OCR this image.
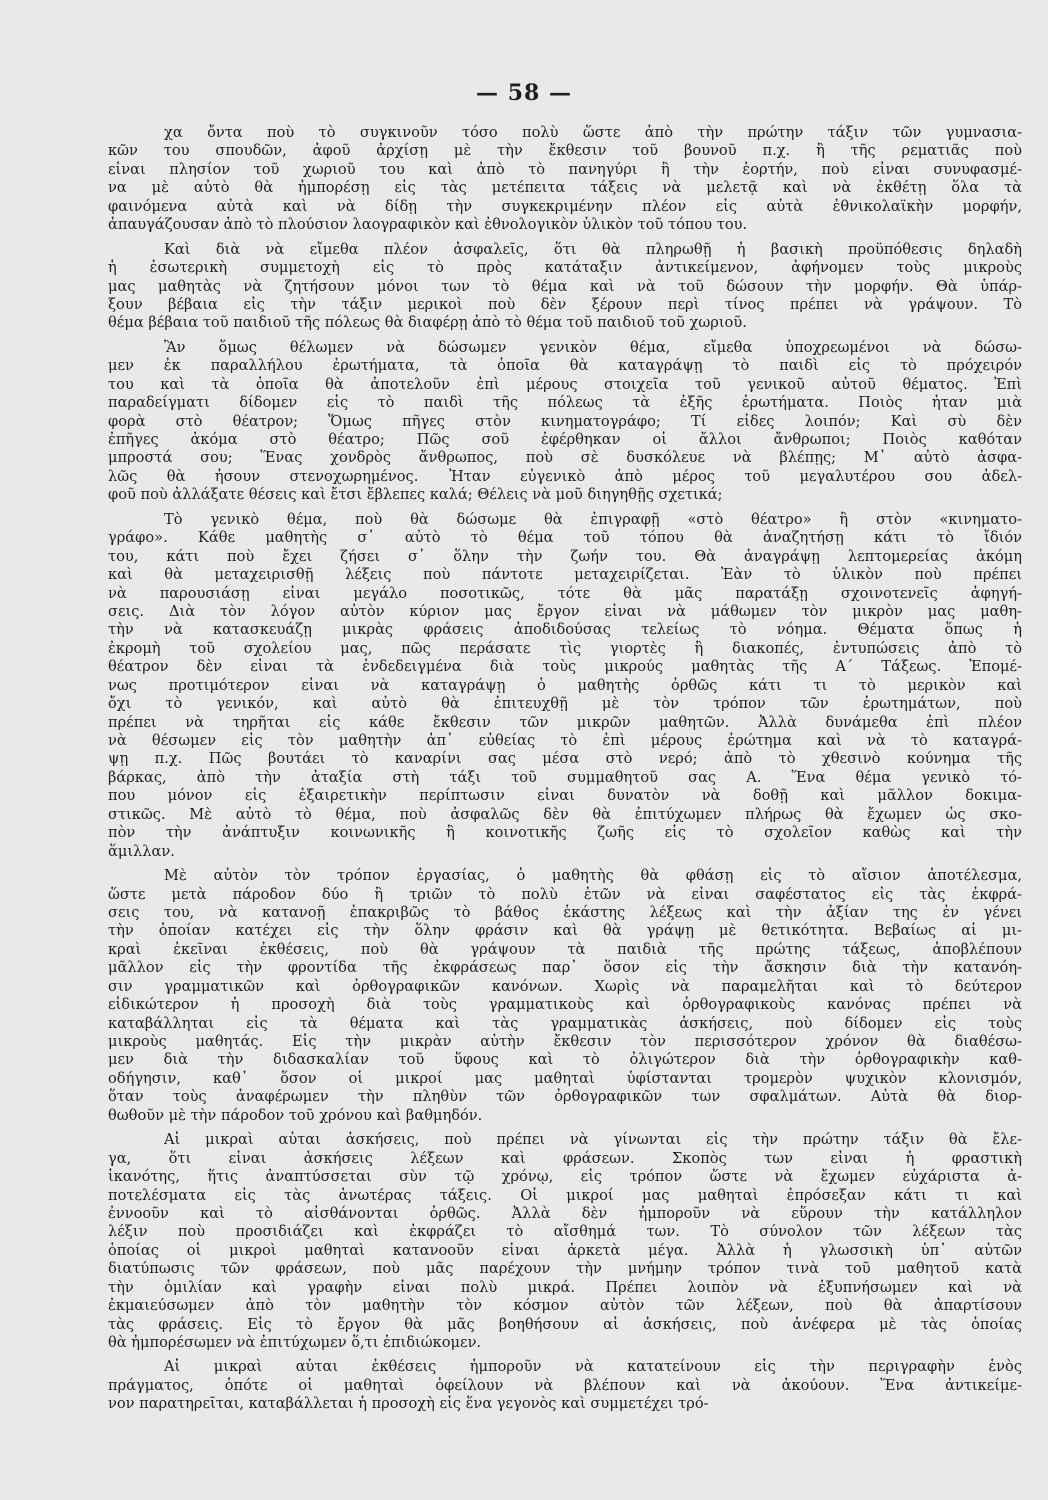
— 58 —
χα ὄντα ποὺ τὸ συγκινοῦν τόσο πολὺ ὥστε ἀπὸ τὴν πρώτην τάξιν τῶν γυμνασια-
κῶν του σπουδῶν, ἀφοῦ ἀρχίσῃ μὲ τὴν ἔκθεσιν τοῦ βουνοῦ π.χ. ἢ τῆς ρεματιᾶς ποὺ
εἶναι πλησίον τοῦ χωριοῦ του καὶ ἀπὸ τὸ πανηγύρι ἢ τὴν ἑορτήν, ποὺ εἶναι συνυφασμέ-
να μὲ αὐτὸ θὰ ἠμπορέσῃ εἰς τὰς μετέπειτα τάξεις νὰ μελετᾷ καὶ νὰ ἐκθέτῃ ὅλα τὰ
φαινόμενα αὐτὰ καὶ νὰ δίδῃ τὴν συγκεκριμένην πλέον εἰς αὐτὰ ἐθνικολαϊκὴν μορφήν,
ἀπαυγάζουσαν ἀπὸ τὸ πλούσιον λαογραφικὸν καὶ ἐθνολογικὸν ὑλικὸν τοῦ τόπου του.
Καὶ διὰ νὰ εἴμεθα πλέον ἀσφαλεῖς, ὅτι θὰ πληρωθῇ ἡ βασικὴ προϋπόθεσις δηλαδὴ
ἡ ἐσωτερικὴ συμμετοχὴ εἰς τὸ πρὸς κατάταξιν ἀντικείμενον, ἀφήνομεν τοὺς μικροὺς
μας μαθητὰς νὰ ζητήσουν μόνοι των τὸ θέμα καὶ νὰ τοῦ δώσουν τὴν μορφήν. Θὰ ὑπάρ-
ξουν βέβαια εἰς τὴν τάξιν μερικοὶ ποὺ δὲν ξέρουν περὶ τίνος πρέπει νὰ γράψουν. Τὸ
θέμα βέβαια τοῦ παιδιοῦ τῆς πόλεως θὰ διαφέρῃ ἀπὸ τὸ θέμα τοῦ παιδιοῦ τοῦ χωριοῦ.
Ἂν ὅμως θέλωμεν νὰ δώσωμεν γενικὸν θέμα, εἴμεθα ὑποχρεωμένοι νὰ δώσω-
μεν ἐκ παραλλήλου ἐρωτήματα, τὰ ὁποῖα θὰ καταγράψῃ τὸ παιδὶ εἰς τὸ πρόχειρόν
του καὶ τὰ ὁποῖα θὰ ἀποτελοῦν ἐπὶ μέρους στοιχεῖα τοῦ γενικοῦ αὐτοῦ θέματος. Ἐπὶ
παραδείγματι δίδομεν εἰς τὸ παιδὶ τῆς πόλεως τὰ ἑξῆς ἐρωτήματα. Ποιὸς ἦταν μιὰ
φορὰ στὸ θέατρον; Ὅμως πῆγες στὸν κινηματογράφο; Τί εἶδες λοιπόν; Καὶ σὺ δὲν
ἐπῆγες ἀκόμα στὸ θέατρο; Πῶς σοῦ ἐφέρθηκαν οἱ ἄλλοι ἄνθρωποι; Ποιὸς καθόταν
μπροστά σου; Ἕνας χονδρὸς ἄνθρωπος, ποὺ σὲ δυσκόλευε νὰ βλέπῃς; Μ᾿ αὐτὸ ἀσφα-
λῶς θὰ ἦσουν στενοχωρημένος. Ἦταν εὐγενικὸ ἀπὸ μέρος τοῦ μεγαλυτέρου σου ἀδελ-
φοῦ ποὺ ἀλλάξατε θέσεις καὶ ἔτσι ἔβλεπες καλά; Θέλεις νὰ μοῦ διηγηθῇς σχετικά;
Τὸ γενικὸ θέμα, ποὺ θὰ δώσωμε θὰ ἐπιγραφῇ «στὸ θέατρο» ἢ στὸν «κινηματο-
γράφο». Κάθε μαθητὴς σ᾿ αὐτὸ τὸ θέμα τοῦ τόπου θὰ ἀναζητήσῃ κάτι τὸ ἴδιόν
του, κάτι ποὺ ἔχει ζήσει σ᾿ ὅλην τὴν ζωήν του. Θὰ ἀναγράψῃ λεπτομερείας ἀκόμη
καὶ θὰ μεταχειρισθῇ λέξεις ποὺ πάντοτε μεταχειρίζεται. Ἐὰν τὸ ὑλικὸν ποὺ πρέπει
νὰ παρουσιάσῃ εἶναι μεγάλο ποσοτικῶς, τότε θὰ μᾶς παρατάξῃ σχοινοτενεῖς ἀφηγή-
σεις. Διὰ τὸν λόγον αὐτὸν κύριον μας ἔργον εἶναι νὰ μάθωμεν τὸν μικρὸν μας μαθη-
τὴν νὰ κατασκευάζῃ μικρὰς φράσεις ἀποδιδούσας τελείως τὸ νόημα. Θέματα ὅπως ἡ
ἐκρομὴ τοῦ σχολείου μας, πῶς περάσατε τὶς γιορτὲς ἢ διακοπές, ἐντυπώσεις ἀπὸ τὸ
θέατρον δὲν εἶναι τὰ ἐνδεδειγμένα διὰ τοὺς μικρούς μαθητὰς τῆς Α΄ Τάξεως. Ἑπομέ-
νως προτιμότερον εἶναι νὰ καταγράψῃ ὁ μαθητὴς ὀρθῶς κάτι τι τὸ μερικὸν καὶ
ὄχι τὸ γενικόν, καὶ αὐτὸ θὰ ἐπιτευχθῇ μὲ τὸν τρόπον τῶν ἐρωτημάτων, ποὺ
πρέπει νὰ τηρῆται εἰς κάθε ἔκθεσιν τῶν μικρῶν μαθητῶν. Ἀλλὰ δυνάμεθα ἐπὶ πλέον
νὰ θέσωμεν εἰς τὸν μαθητὴν ἀπ᾿ εὐθείας τὸ ἐπὶ μέρους ἐρώτημα καὶ νὰ τὸ καταγρά-
ψῃ π.χ. Πῶς βουτάει τὸ καναρίνι σας μέσα στὸ νερό; ἀπὸ τὸ χθεσινὸ κούνημα τῆς
βάρκας, ἀπὸ τὴν ἀταξία στὴ τάξι τοῦ συμμαθητοῦ σας Α. Ἕνα θέμα γενικὸ τό-
που μόνον εἰς ἐξαιρετικὴν περίπτωσιν εἶναι δυνατὸν νὰ δοθῇ καὶ μᾶλλον δοκιμα-
στικῶς. Μὲ αὐτὸ τὸ θέμα, ποὺ ἀσφαλῶς δὲν θὰ ἐπιτύχωμεν πλήρως θὰ ἔχωμεν ὡς σκο-
πὸν τὴν ἀνάπτυξιν κοινωνικῆς ἢ κοινοτικῆς ζωῆς εἰς τὸ σχολεῖον καθὼς καὶ τὴν
ἅμιλλαν.
Μὲ αὐτὸν τὸν τρόπον ἐργασίας, ὁ μαθητὴς θὰ φθάσῃ εἰς τὸ αἴσιον ἀποτέλεσμα,
ὥστε μετὰ πάροδον δύο ἢ τριῶν τὸ πολὺ ἐτῶν νὰ εἶναι σαφέστατος εἰς τὰς ἐκφρά-
σεις του, νὰ κατανοῇ ἐπακριβῶς τὸ βάθος ἑκάστης λέξεως καὶ τὴν ἀξίαν της ἐν γένει
τὴν ὁποίαν κατέχει εἰς τὴν ὅλην φράσιν καὶ θὰ γράψῃ μὲ θετικότητα. Βεβαίως αἱ μι-
κραὶ ἐκεῖναι ἐκθέσεις, ποὺ θὰ γράψουν τὰ παιδιὰ τῆς πρώτης τάξεως, ἀποβλέπουν
μᾶλλον εἰς τὴν φροντίδα τῆς ἐκφράσεως παρ᾿ ὅσον εἰς τὴν ἄσκησιν διὰ τὴν κατανόη-
σιν γραμματικῶν καὶ ὀρθογραφικῶν κανόνων. Χωρὶς νὰ παραμελῆται καὶ τὸ δεύτερον
εἰδικώτερον ἡ προσοχὴ διὰ τοὺς γραμματικοὺς καὶ ὀρθογραφικοὺς κανόνας πρέπει νὰ
καταβάλληται εἰς τὰ θέματα καὶ τὰς γραμματικὰς ἀσκήσεις, ποὺ δίδομεν εἰς τοὺς
μικροὺς μαθητάς. Εἰς τὴν μικρὰν αὐτὴν ἔκθεσιν τὸν περισσότερον χρόνον θὰ διαθέσω-
μεν διὰ τὴν διδασκαλίαν τοῦ ὕφους καὶ τὸ ὀλιγώτερον διὰ τὴν ὀρθογραφικὴν καθ-
οδήγησιν, καθ᾿ ὅσον οἱ μικροί μας μαθηταὶ ὑφίστανται τρομερὸν ψυχικὸν κλονισμόν,
ὅταν τοὺς ἀναφέρωμεν τὴν πληθὺν τῶν ὀρθογραφικῶν των σφαλμάτων. Αὐτὰ θὰ διορ-
θωθοῦν μὲ τὴν πάροδον τοῦ χρόνου καὶ βαθμηδόν.
Αἱ μικραὶ αὗται ἀσκήσεις, ποὺ πρέπει νὰ γίνωνται εἰς τὴν πρώτην τάξιν θὰ ἔλε-
γα, ὅτι εἶναι ἀσκήσεις λέξεων καὶ φράσεων. Σκοπὸς των εἶναι ἡ φραστικὴ
ἱκανότης, ἥτις ἀναπτύσσεται σὺν τῷ χρόνῳ, εἰς τρόπον ὥστε νὰ ἔχωμεν εὐχάριστα ἀ-
ποτελέσματα εἰς τὰς ἀνωτέρας τάξεις. Οἱ μικροί μας μαθηταὶ ἐπρόσεξαν κάτι τι καὶ
ἐννοοῦν καὶ τὸ αἰσθάνονται ὀρθῶς. Ἀλλὰ δὲν ἠμποροῦν νὰ εὕρουν τὴν κατάλληλον
λέξιν ποὺ προσιδιάζει καὶ ἐκφράζει τὸ αἴσθημά των. Τὸ σύνολον τῶν λέξεων τὰς
ὁποίας οἱ μικροὶ μαθηταὶ κατανοοῦν εἶναι ἀρκετὰ μέγα. Ἀλλὰ ἡ γλωσσικὴ ὑπ᾿ αὐτῶν
διατύπωσις τῶν φράσεων, ποὺ μᾶς παρέχουν τὴν μνήμην τρόπον τινὰ τοῦ μαθητοῦ κατὰ
τὴν ὁμιλίαν καὶ γραφὴν εἶναι πολὺ μικρά. Πρέπει λοιπὸν νὰ ἐξυπνήσωμεν καὶ νὰ
ἐκμαιεύσωμεν ἀπὸ τὸν μαθητὴν τὸν κόσμον αὐτὸν τῶν λέξεων, ποὺ θὰ ἀπαρτίσουν
τὰς φράσεις. Εἰς τὸ ἔργον θὰ μᾶς βοηθήσουν αἱ ἀσκήσεις, ποὺ ἀνέφερα μὲ τὰς ὁποίας
θὰ ἠμπορέσωμεν νὰ ἐπιτύχωμεν ὅ,τι ἐπιδιώκομεν.
Αἱ μικραὶ αὗται ἐκθέσεις ἠμποροῦν νὰ κατατείνουν εἰς τὴν περιγραφὴν ἑνὸς
πράγματος, ὁπότε οἱ μαθηταὶ ὀφείλουν νὰ βλέπουν καὶ νὰ ἀκούουν. Ἕνα ἀντικείμε-
νον παρατηρεῖται, καταβάλλεται ἡ προσοχὴ εἰς ἕνα γεγονὸς καὶ συμμετέχει τρό-
